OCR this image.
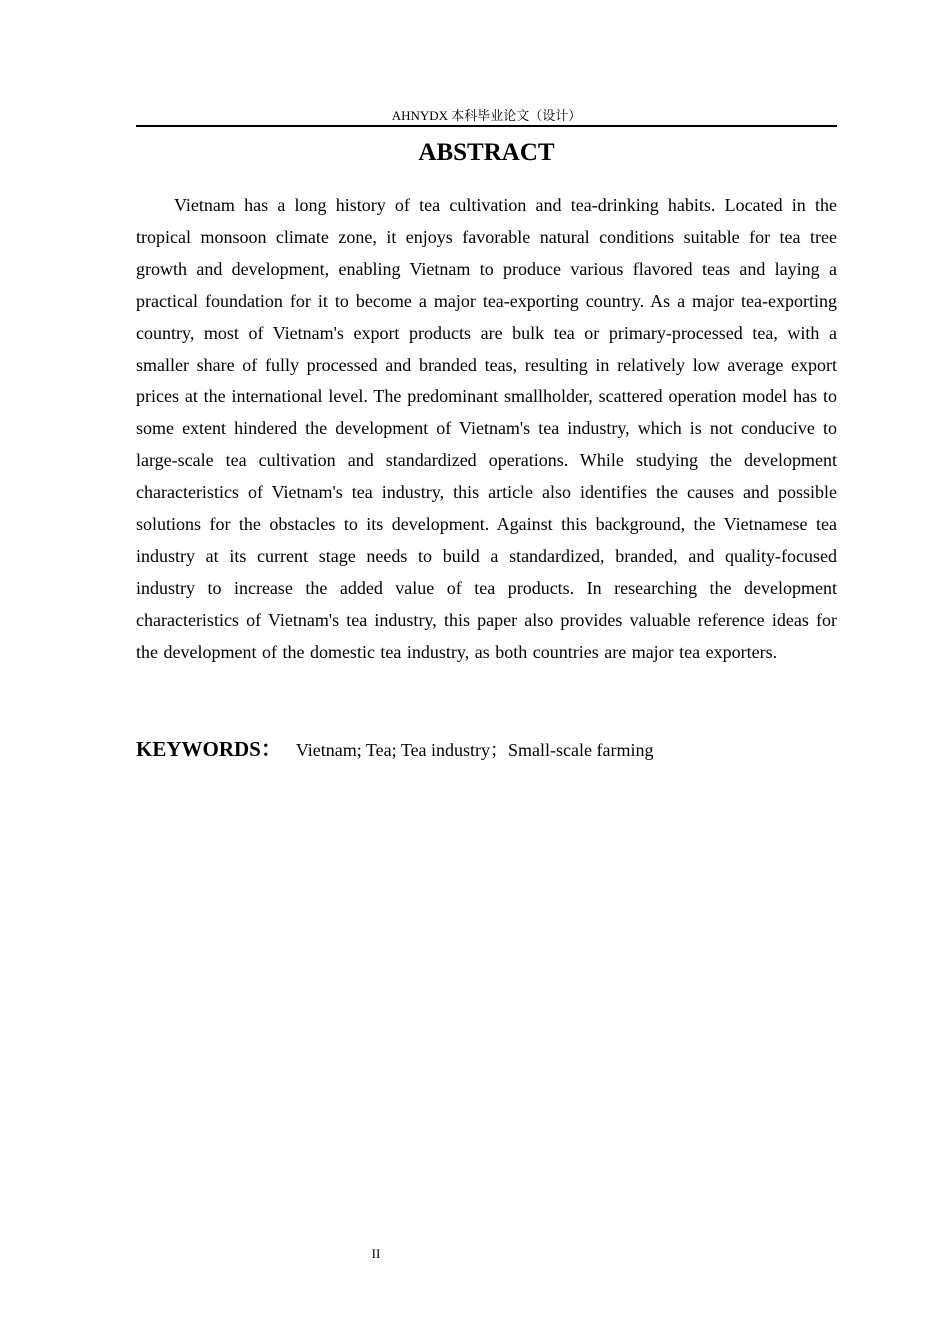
AHNYDX 本科毕业论文（设计）
ABSTRACT

Vietnam has a long history of tea cultivation and tea-drinking habits. Located in the tropical monsoon climate zone, it enjoys favorable natural conditions suitable for tea tree growth and development, enabling Vietnam to produce various flavored teas and laying a practical foundation for it to become a major tea-exporting country. As a major tea-exporting country, most of Vietnam's export products are bulk tea or primary-processed tea, with a smaller share of fully processed and branded teas, resulting in relatively low average export prices at the international level. The predominant smallholder, scattered operation model has to some extent hindered the development of Vietnam's tea industry, which is not conducive to large-scale tea cultivation and standardized operations. While studying the development characteristics of Vietnam's tea industry, this article also identifies the causes and possible solutions for the obstacles to its development. Against this background, the Vietnamese tea industry at its current stage needs to build a standardized, branded, and quality-focused industry to increase the added value of tea products. In researching the development characteristics of Vietnam's tea industry, this paper also provides valuable reference ideas for the development of the domestic tea industry, as both countries are major tea exporters.

KEYWORDS： Vietnam; Tea; Tea industry；Small-scale farming

II
